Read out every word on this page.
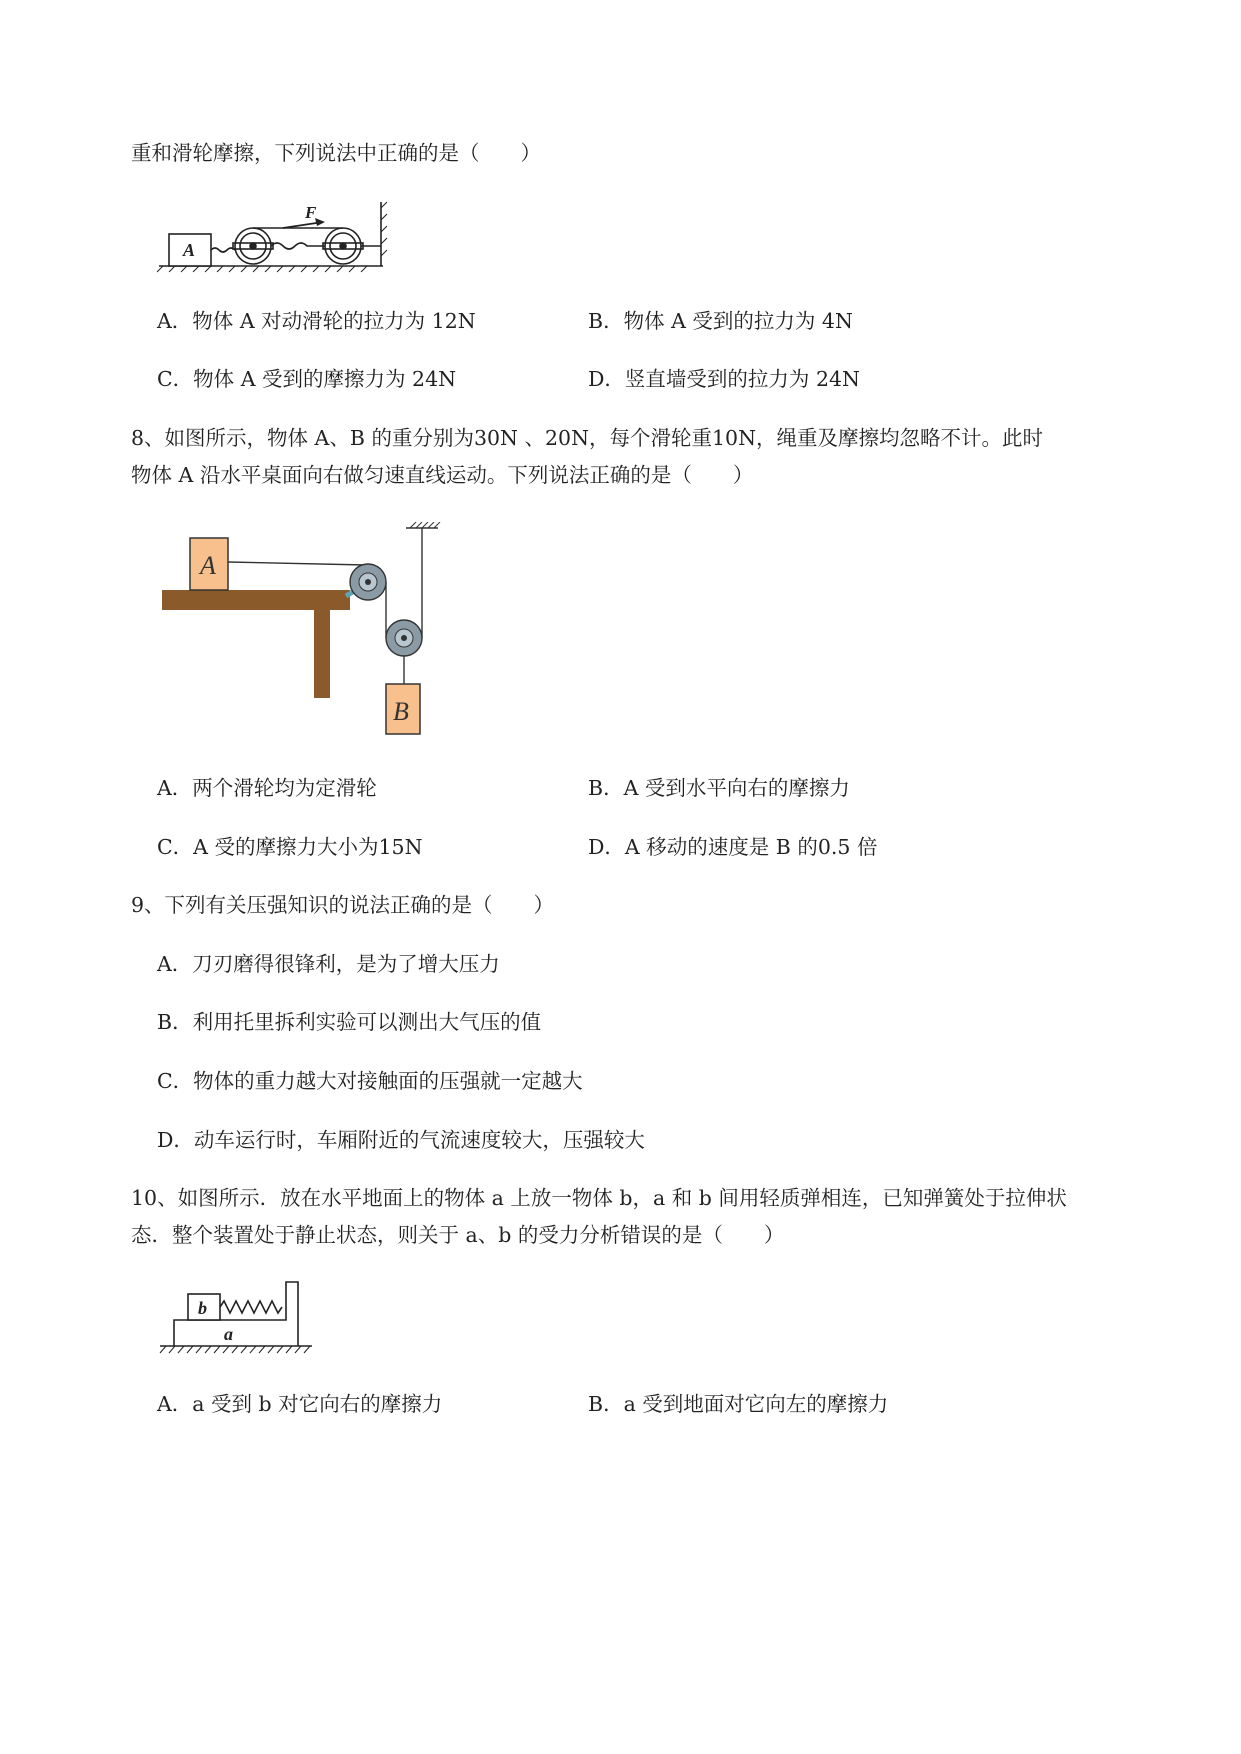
重和滑轮摩擦，下列说法中正确的是（　　）
A
F
A．物体 A 对动滑轮的拉力为 12N	B．物体 A 受到的拉力为 4N
C．物体 A 受到的摩擦力为 24N	D．竖直墙受到的拉力为 24N
8、如图所示，物体 A、B 的重分别为30N 、20N，每个滑轮重10N，绳重及摩擦均忽略不计。此时
物体 A 沿水平桌面向右做匀速直线运动。下列说法正确的是（　　）
A
B
A．两个滑轮均为定滑轮	B．A 受到水平向右的摩擦力
C．A 受的摩擦力大小为15N	D．A 移动的速度是 B 的0.5 倍
9、下列有关压强知识的说法正确的是（　　）
A．刀刃磨得很锋利，是为了增大压力
B．利用托里拆利实验可以测出大气压的值
C．物体的重力越大对接触面的压强就一定越大
D．动车运行时，车厢附近的气流速度较大，压强较大
10、如图所示．放在水平地面上的物体 a 上放一物体 b，a 和 b 间用轻质弹相连，已知弹簧处于拉伸状
态．整个装置处于静止状态，则关于 a、b 的受力分析错误的是（　　）
b
a
A．a 受到 b 对它向右的摩擦力	B．a 受到地面对它向左的摩擦力
